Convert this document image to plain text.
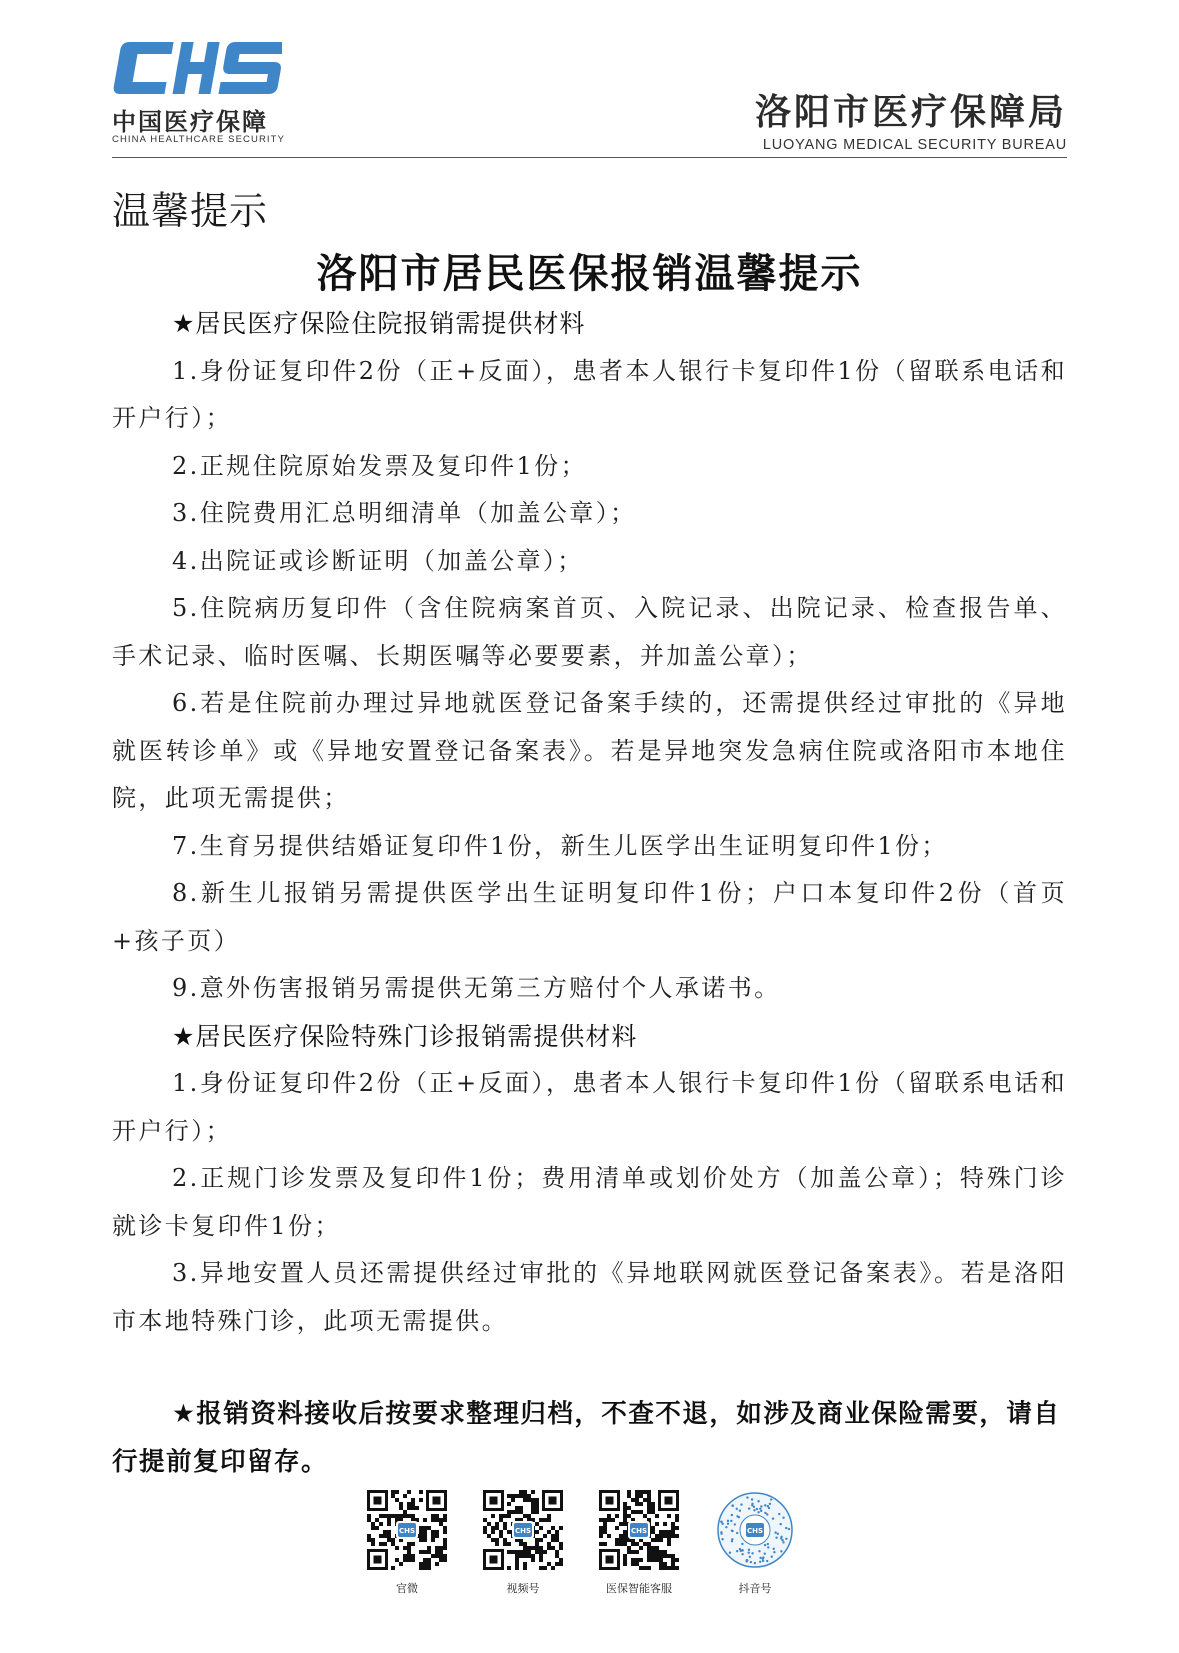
中国医疗保障
CHINA HEALTHCARE SECURITY
洛阳市医疗保障局
LUOYANG MEDICAL SECURITY BUREAU
温馨提示
洛阳市居民医保报销温馨提示

★居民医疗保险住院报销需提供材料

1.身份证复印件2份（正+反面），患者本人银行卡复印件1份（留联系电话和开户行）；

2.正规住院原始发票及复印件1份；

3.住院费用汇总明细清单（加盖公章）；

4.出院证或诊断证明（加盖公章）；

5.住院病历复印件（含住院病案首页、入院记录、出院记录、检查报告单、手术记录、临时医嘱、长期医嘱等必要要素，并加盖公章）；

6.若是住院前办理过异地就医登记备案手续的，还需提供经过审批的《异地就医转诊单》或《异地安置登记备案表》。若是异地突发急病住院或洛阳市本地住院，此项无需提供；

7.生育另提供结婚证复印件1份，新生儿医学出生证明复印件1份；

8.新生儿报销另需提供医学出生证明复印件1份；户口本复印件2份（首页+孩子页）

9.意外伤害报销另需提供无第三方赔付个人承诺书。

★居民医疗保险特殊门诊报销需提供材料

1.身份证复印件2份（正+反面），患者本人银行卡复印件1份（留联系电话和开户行）；

2.正规门诊发票及复印件1份；费用清单或划价处方（加盖公章）；特殊门诊就诊卡复印件1份；

3.异地安置人员还需提供经过审批的《异地联网就医登记备案表》。若是洛阳市本地特殊门诊，此项无需提供。

★报销资料接收后按要求整理归档，不查不退，如涉及商业保险需要，请自行提前复印留存。

CHS
官微
CHS
视频号
CHS
医保智能客服
CHS
抖音号
